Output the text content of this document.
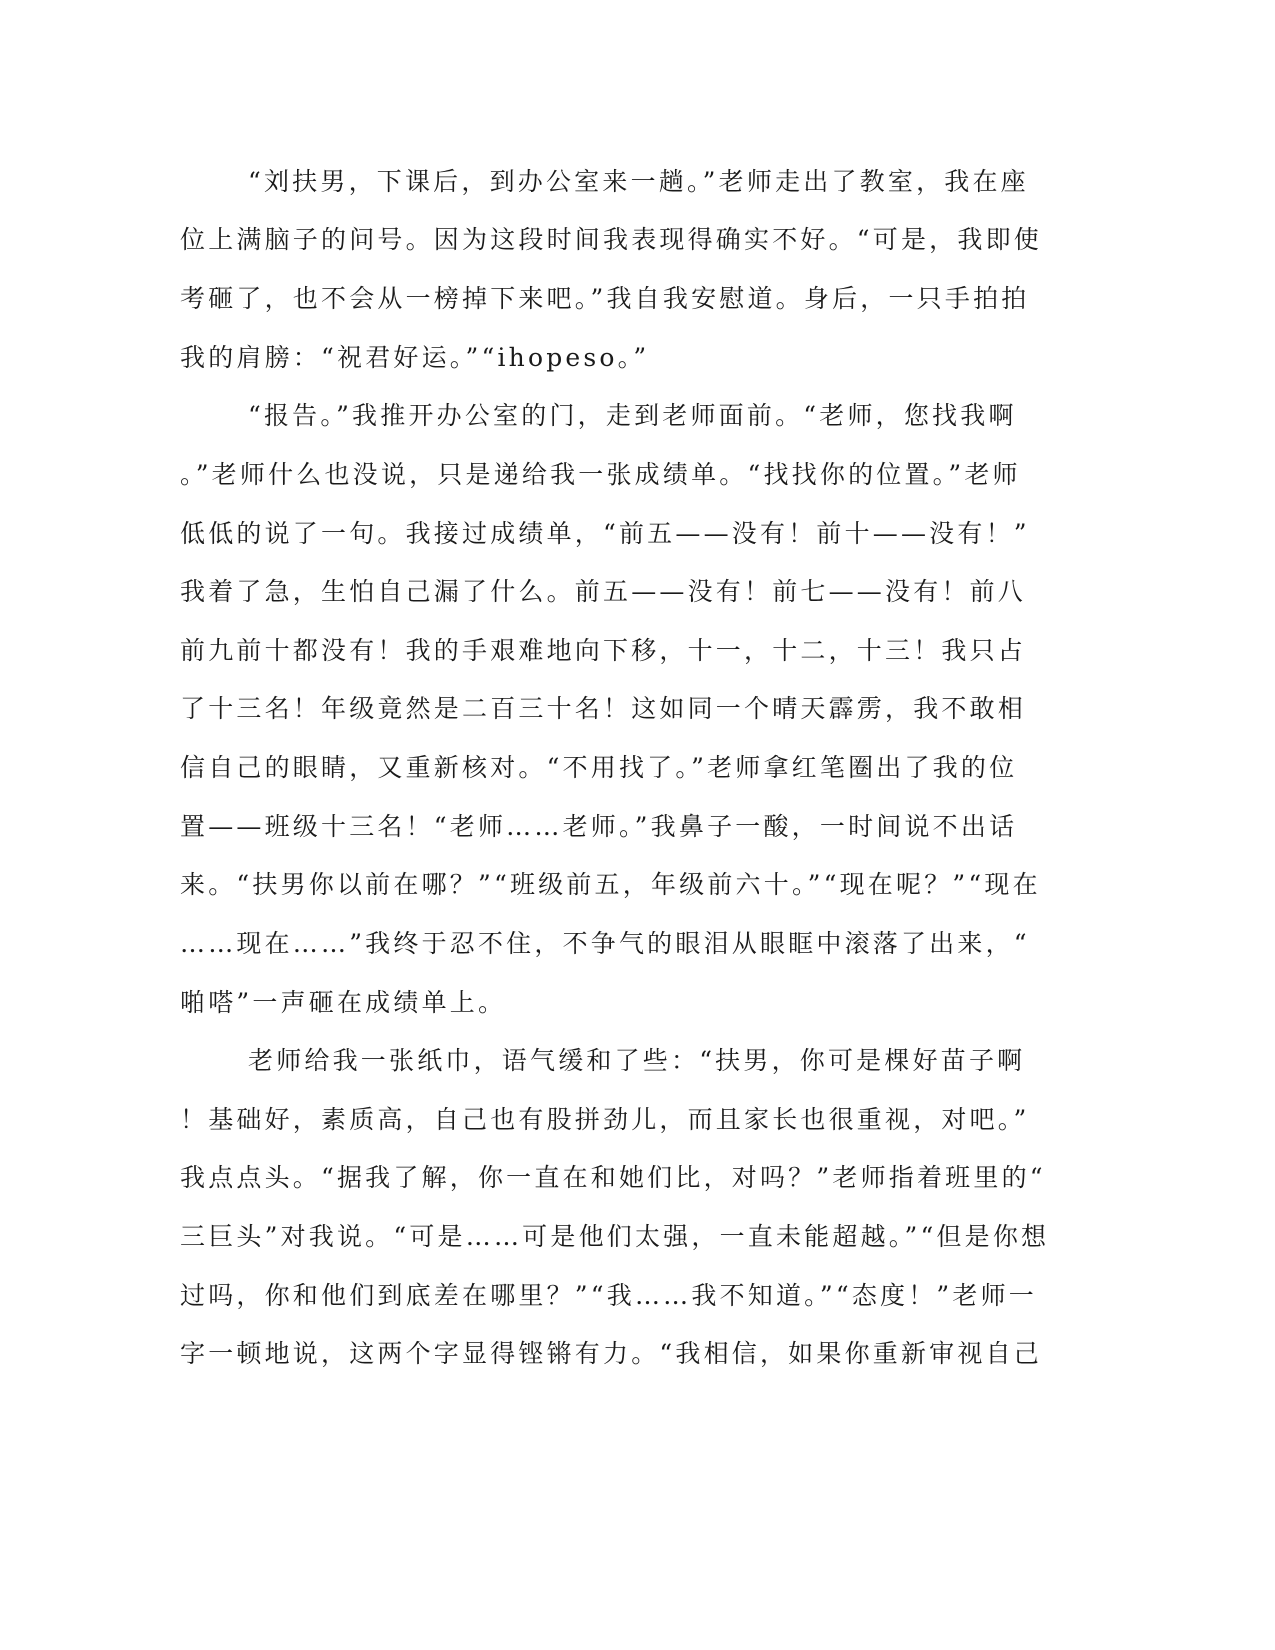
“刘扶男，下课后，到办公室来一趟。”老师走出了教室，我在座
位上满脑子的问号。因为这段时间我表现得确实不好。“可是，我即使
考砸了，也不会从一榜掉下来吧。”我自我安慰道。身后，一只手拍拍
我的肩膀：“祝君好运。”“ihopeso。”
“报告。”我推开办公室的门，走到老师面前。“老师，您找我啊
。”老师什么也没说，只是递给我一张成绩单。“找找你的位置。”老师
低低的说了一句。我接过成绩单，“前五——没有！前十——没有！”
我着了急，生怕自己漏了什么。前五——没有！前七——没有！前八
前九前十都没有！我的手艰难地向下移，十一，十二，十三！我只占
了十三名！年级竟然是二百三十名！这如同一个晴天霹雳，我不敢相
信自己的眼睛，又重新核对。“不用找了。”老师拿红笔圈出了我的位
置——班级十三名！“老师……老师。”我鼻子一酸，一时间说不出话
来。“扶男你以前在哪？”“班级前五，年级前六十。”“现在呢？”“现在
……现在……”我终于忍不住，不争气的眼泪从眼眶中滚落了出来，“
啪嗒”一声砸在成绩单上。
老师给我一张纸巾，语气缓和了些：“扶男，你可是棵好苗子啊
！基础好，素质高，自己也有股拼劲儿，而且家长也很重视，对吧。”
我点点头。“据我了解，你一直在和她们比，对吗？”老师指着班里的“
三巨头”对我说。“可是……可是他们太强，一直未能超越。”“但是你想
过吗，你和他们到底差在哪里？”“我……我不知道。”“态度！”老师一
字一顿地说，这两个字显得铿锵有力。“我相信，如果你重新审视自己
